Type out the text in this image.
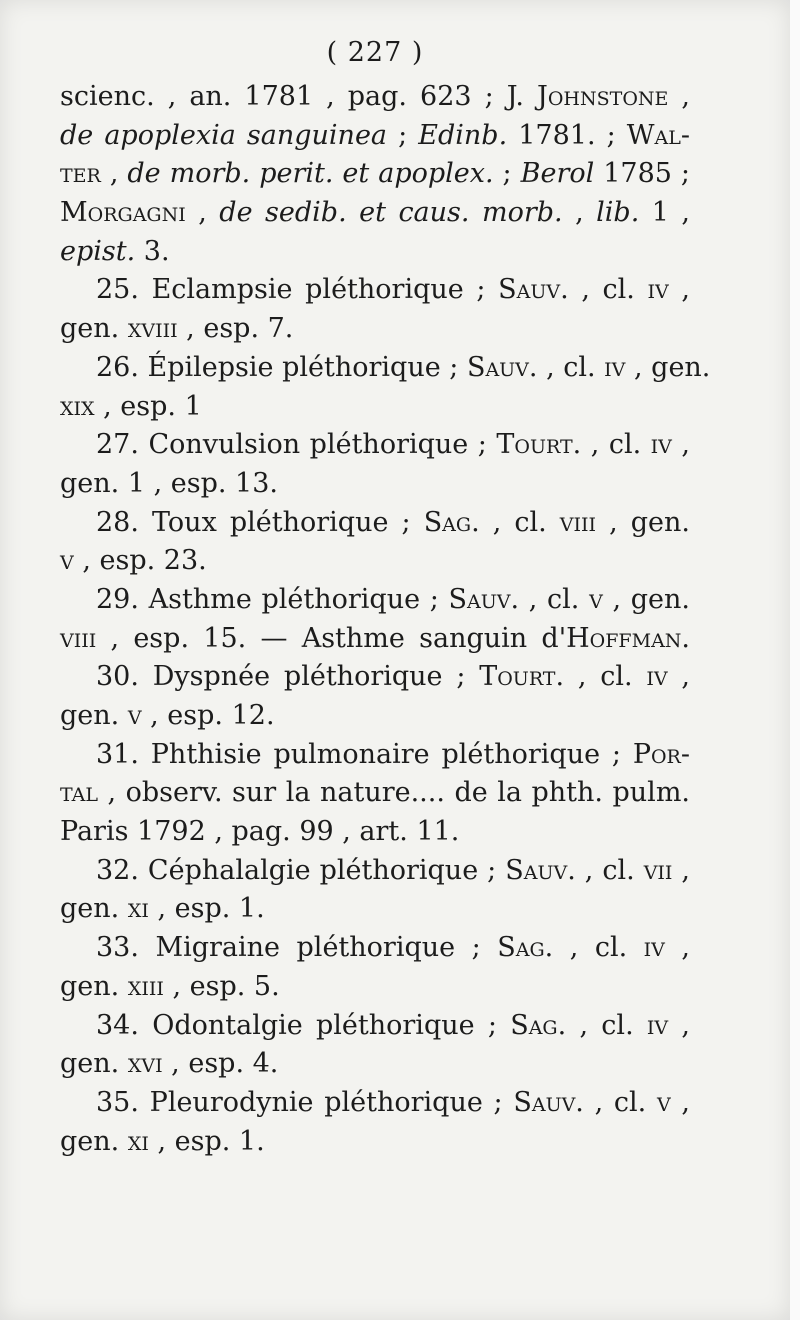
( 227 )
scienc. , an. 1781 , pag. 623 ; J. Johnstone ,
de apoplexia sanguinea ; Edinb. 1781. ; Wal-
ter , de morb. perit. et apoplex. ; Berol 1785 ;
Morgagni , de sedib. et caus. morb. , lib. 1 ,
epist. 3.
25. Eclampsie pléthorique ; Sauv. , cl. iv ,
gen. xviii , esp. 7.
26. Épilepsie pléthorique ; Sauv. , cl. iv , gen.
xix , esp. 1
27. Convulsion pléthorique ; Tourt. , cl. iv ,
gen. 1 , esp. 13.
28. Toux pléthorique ; Sag. , cl. viii , gen.
v , esp. 23.
29. Asthme pléthorique ; Sauv. , cl. v , gen.
viii , esp. 15. — Asthme sanguin d'Hoffman.
30. Dyspnée pléthorique ; Tourt. , cl. iv ,
gen. v , esp. 12.
31. Phthisie pulmonaire pléthorique ; Por-
tal , observ. sur la nature.... de la phth. pulm.
Paris 1792 , pag. 99 , art. 11.
32. Céphalalgie pléthorique ; Sauv. , cl. vii ,
gen. xi , esp. 1.
33. Migraine pléthorique ; Sag. , cl. iv ,
gen. xiii , esp. 5.
34. Odontalgie pléthorique ; Sag. , cl. iv ,
gen. xvi , esp. 4.
35. Pleurodynie pléthorique ; Sauv. , cl. v ,
gen. xi , esp. 1.
